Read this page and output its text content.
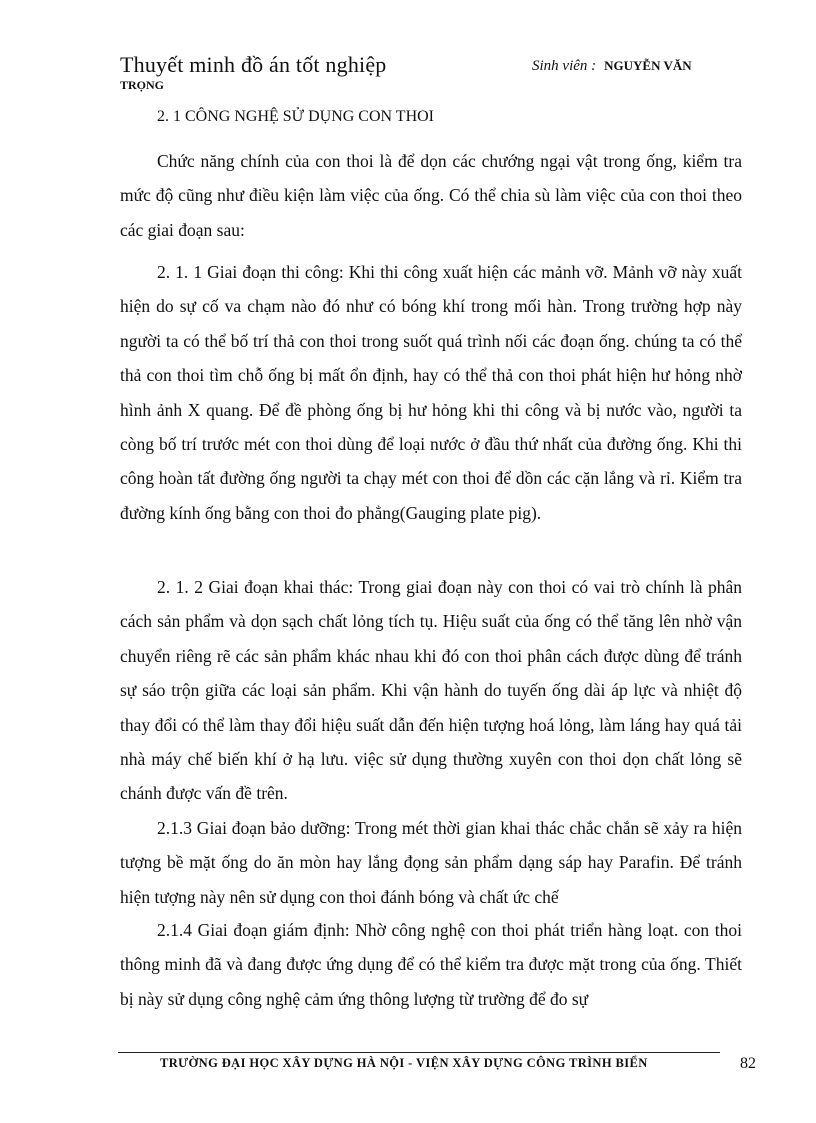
Thuyết minh đồ án tốt nghiệp	Sinh viên : NGUYỄN VĂN
TRỌNG
2. 1 CÔNG NGHỆ SỬ DỤNG CON THOI
Chức năng chính của con thoi là để dọn các chướng ngại vật trong ống, kiểm tra mức độ cũng như điều kiện làm việc của ống. Có thể chia sù làm việc của con thoi theo các giai đoạn sau:
2. 1. 1 Giai đoạn thi công: Khi thi công xuất hiện các mảnh vỡ. Mảnh vỡ này xuất hiện do sự cố va chạm nào đó như có bóng khí trong mối hàn. Trong trường hợp này người ta có thể bố trí thả con thoi trong suốt quá trình nối các đoạn ống. chúng ta có thể thả con thoi tìm chỗ ống bị mất ổn định, hay có thể thả con thoi phát hiện hư hỏng nhờ hình ảnh X quang. Để đề phòng ống bị hư hỏng khi thi công và bị nước vào, người ta còng bố trí trước mét con thoi dùng để loại nước ở đầu thứ nhất của đường ống. Khi thi công hoàn tất đường ống người ta chạy mét con thoi để dồn các cặn lắng và rỉ. Kiểm tra đường kính ống bằng con thoi đo phẳng(Gauging plate pig).
2. 1. 2 Giai đoạn khai thác: Trong giai đoạn này con thoi có vai trò chính là phân cách sản phẩm và dọn sạch chất lỏng tích tụ. Hiệu suất của ống có thể tăng lên nhờ vận chuyển riêng rẽ các sản phẩm khác nhau khi đó con thoi phân cách được dùng để tránh sự sáo trộn giữa các loại sản phẩm. Khi vận hành do tuyến ống dài áp lực và nhiệt độ thay đổi có thể làm thay đổi hiệu suất dẫn đến hiện tượng hoá lỏng, làm láng hay quá tải nhà máy chế biến khí ở hạ lưu. việc sử dụng thường xuyên con thoi dọn chất lỏng sẽ chánh được vấn đề trên.
2.1.3 Giai đoạn bảo dưỡng: Trong mét thời gian khai thác chắc chắn sẽ xảy ra hiện tượng bề mặt ống do ăn mòn hay lắng đọng sản phẩm dạng sáp hay Parafin. Để tránh hiện tượng này nên sử dụng con thoi đánh bóng và chất ức chế
2.1.4 Giai đoạn giám định: Nhờ công nghệ con thoi phát triển hàng loạt. con thoi thông minh đã và đang được ứng dụng để có thể kiểm tra được mặt trong của ống. Thiết bị này sử dụng công nghệ cảm ứng thông lượng từ trường để đo sự
TRƯỜNG ĐẠI HỌC XÂY DỰNG HÀ NỘI - VIỆN XÂY DỰNG CÔNG TRÌNH BIỂN	82
